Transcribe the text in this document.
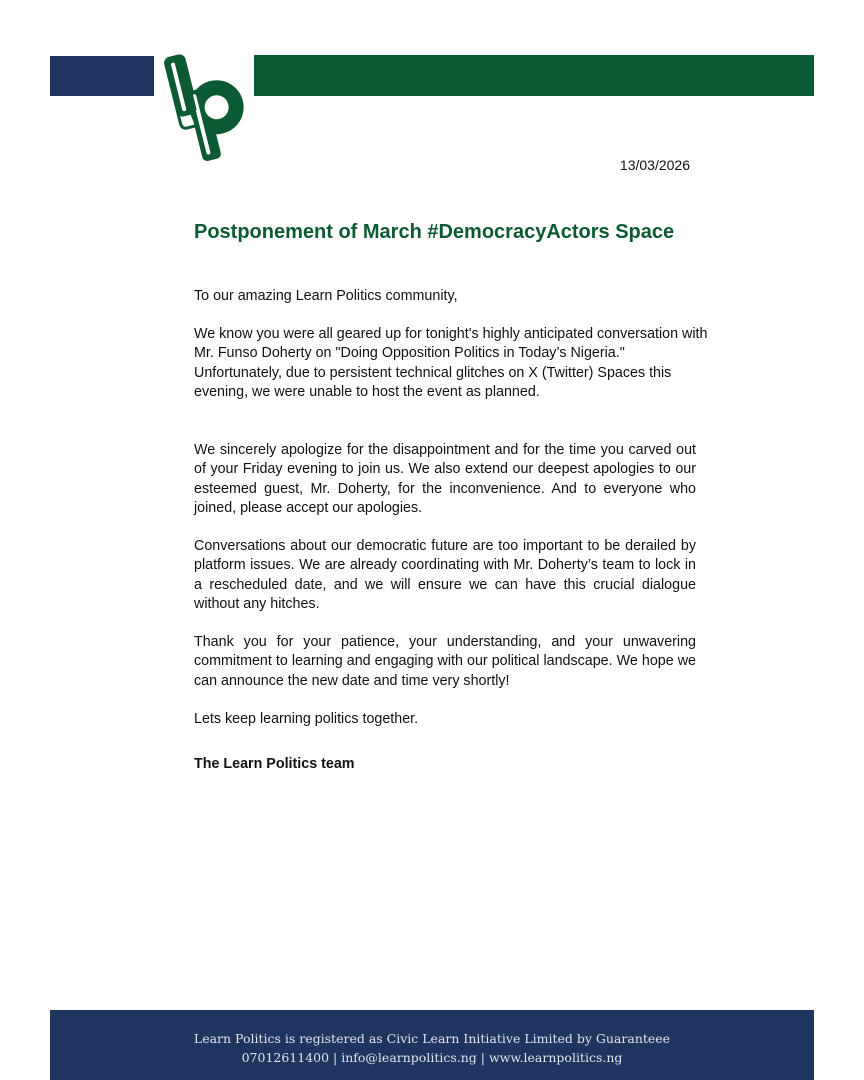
13/03/2026
Postponement of March #DemocracyActors Space

To our amazing Learn Politics community,

We know you were all geared up for tonight's highly anticipated conversation with Mr. Funso Doherty on "Doing Opposition Politics in Today’s Nigeria." Unfortunately, due to persistent technical glitches on X (Twitter) Spaces this evening, we were unable to host the event as planned.

We sincerely apologize for the disappointment and for the time you carved out of your Friday evening to join us. We also extend our deepest apologies to our esteemed guest, Mr. Doherty, for the inconvenience. And to everyone who joined, please accept our apologies.

Conversations about our democratic future are too important to be derailed by platform issues. We are already coordinating with Mr. Doherty’s team to lock in a rescheduled date, and we will ensure we can have this crucial dialogue without any hitches.

Thank you for your patience, your understanding, and your unwavering commitment to learning and engaging with our political landscape. We hope we can announce the new date and time very shortly!

Lets keep learning politics together.

The Learn Politics team

Learn Politics is registered as Civic Learn Initiative Limited by Guaranteee
07012611400 | info@learnpolitics.ng | www.learnpolitics.ng
